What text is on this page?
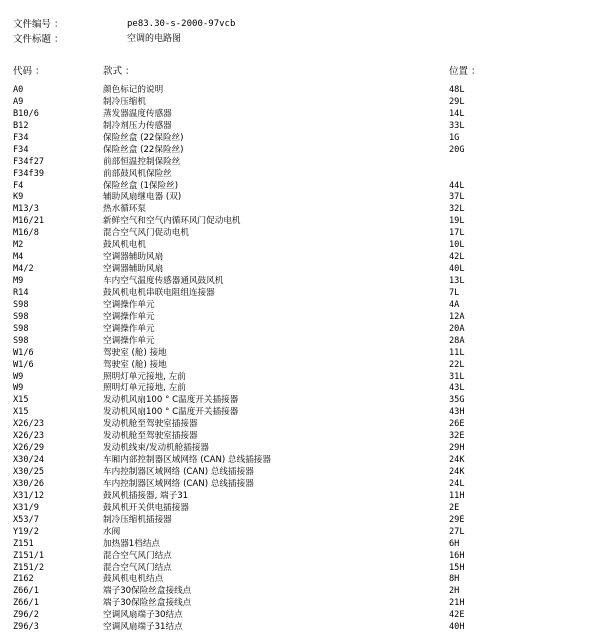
文件编号 ：	pe83.30-s-2000-97vcb
文件标题 ：	空调的电路图
代码 ：	款式 ：	位置 ：
A0	颜色标记的说明	48L
A9	制冷压缩机	29L
B10/6	蒸发器温度传感器	14L
B12	制冷剂压力传感器	33L
F34	保险丝盒 (22保险丝)	1G
F34	保险丝盒 (22保险丝)	20G
F34f27	前部恒温控制保险丝
F34f39	前部鼓风机保险丝
F4	保险丝盒 (1保险丝)	44L
K9	辅助风扇继电器 (双)	37L
M13/3	热水循环泵	32L
M16/21	新鲜空气和空气内循环风门促动电机	19L
M16/8	混合空气风门促动电机	17L
M2	鼓风机电机	10L
M4	空调器辅助风扇	42L
M4/2	空调器辅助风扇	40L
M9	车内空气温度传感器通风鼓风机	13L
R14	鼓风机电机串联电阻组连接器	7L
S98	空调操作单元	4A
S98	空调操作单元	12A
S98	空调操作单元	20A
S98	空调操作单元	28A
W1/6	驾驶室 (舱) 接地	11L
W1/6	驾驶室 (舱) 接地	22L
W9	照明灯单元接地, 左前	31L
W9	照明灯单元接地, 左前	43L
X15	发动机风扇100 ° C温度开关插接器	35G
X15	发动机风扇100 ° C温度开关插接器	43H
X26/23	发动机舱至驾驶室插接器	26E
X26/23	发动机舱至驾驶室插接器	32E
X26/29	发动机线束/发动机舱插接器	29H
X30/24	车厢内部控制器区域网络 (CAN) 总线插接器	24K
X30/25	车内控制器区域网络 (CAN) 总线插接器	24K
X30/26	车内控制器区域网络 (CAN) 总线插接器	24L
X31/12	鼓风机插接器, 端子31	11H
X31/9	鼓风机开关供电插接器	2E
X53/7	制冷压缩机插接器	29E
Y19/2	水阀	27L
Z151	加热器1档结点	6H
Z151/1	混合空气风门结点	16H
Z151/2	混合空气风门结点	15H
Z162	鼓风机电机结点	8H
Z66/1	端子30保险丝盒接线点	2H
Z66/1	端子30保险丝盒接线点	21H
Z96/2	空调风扇端子30结点	42E
Z96/3	空调风扇端子31结点	40H
